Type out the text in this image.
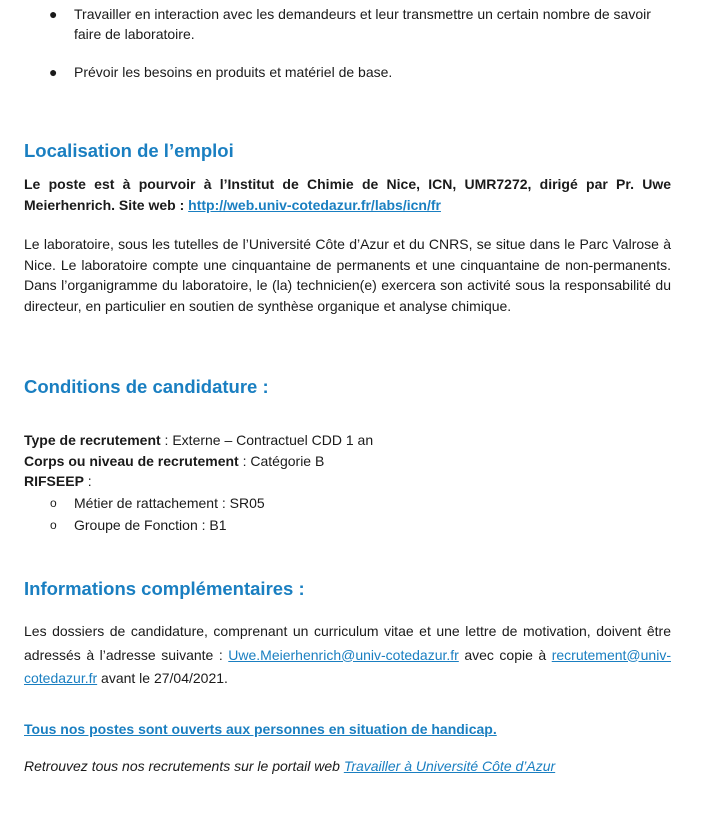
● Travailler en interaction avec les demandeurs et leur transmettre un certain nombre de savoir faire de laboratoire.
● Prévoir les besoins en produits et matériel de base.
Localisation de l’emploi
Le poste est à pourvoir à l’Institut de Chimie de Nice, ICN, UMR7272, dirigé par Pr. Uwe Meierhenrich. Site web : http://web.univ-cotedazur.fr/labs/icn/fr
Le laboratoire, sous les tutelles de l’Université Côte d’Azur et du CNRS, se situe dans le Parc Valrose à Nice. Le laboratoire compte une cinquantaine de permanents et une cinquantaine de non-permanents. Dans l’organigramme du laboratoire, le (la) technicien(e) exercera son activité sous la responsabilité du directeur, en particulier en soutien de synthèse organique et analyse chimique.
Conditions de candidature :
Type de recrutement : Externe – Contractuel CDD 1 an
Corps ou niveau de recrutement : Catégorie B
RIFSEEP :
o Métier de rattachement : SR05
o Groupe de Fonction : B1
Informations complémentaires :
Les dossiers de candidature, comprenant un curriculum vitae et une lettre de motivation, doivent être adressés à l’adresse suivante : Uwe.Meierhenrich@univ-cotedazur.fr avec copie à recrutement@univ-cotedazur.fr avant le 27/04/2021.
Tous nos postes sont ouverts aux personnes en situation de handicap.
Retrouvez tous nos recrutements sur le portail web Travailler à Université Côte d’Azur
